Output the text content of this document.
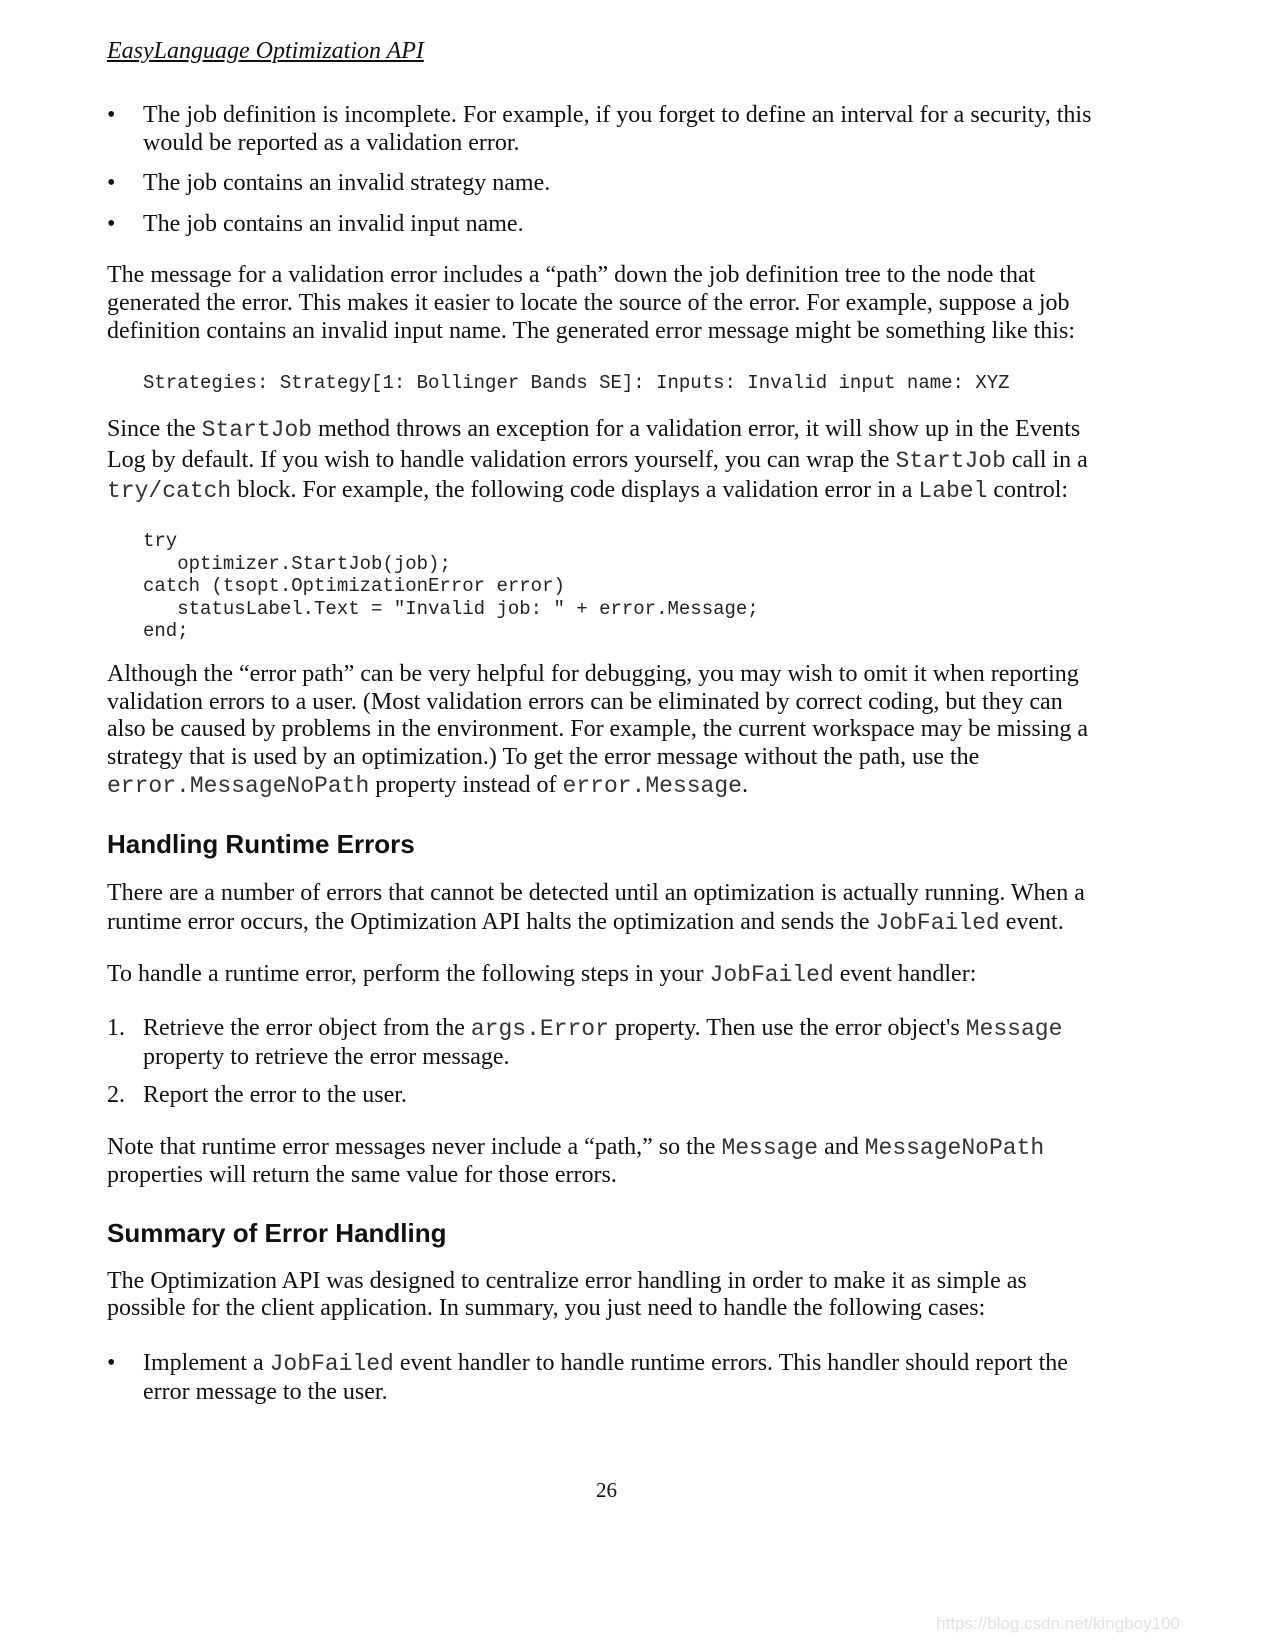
EasyLanguage Optimization API
•	The job definition is incomplete. For example, if you forget to define an interval for a security, this would be reported as a validation error.
•	The job contains an invalid strategy name.
•	The job contains an invalid input name.
The message for a validation error includes a “path” down the job definition tree to the node that generated the error. This makes it easier to locate the source of the error. For example, suppose a job definition contains an invalid input name. The generated error message might be something like this:
Strategies: Strategy[1: Bollinger Bands SE]: Inputs: Invalid input name: XYZ
Since the StartJob method throws an exception for a validation error, it will show up in the Events Log by default. If you wish to handle validation errors yourself, you can wrap the StartJob call in a try/catch block. For example, the following code displays a validation error in a Label control:
try
optimizer.StartJob(job);
catch (tsopt.OptimizationError error)
statusLabel.Text = "Invalid job: " + error.Message;
end;
Although the “error path” can be very helpful for debugging, you may wish to omit it when reporting validation errors to a user. (Most validation errors can be eliminated by correct coding, but they can also be caused by problems in the environment. For example, the current workspace may be missing a strategy that is used by an optimization.) To get the error message without the path, use the error.MessageNoPath property instead of error.Message.
Handling Runtime Errors
There are a number of errors that cannot be detected until an optimization is actually running. When a runtime error occurs, the Optimization API halts the optimization and sends the JobFailed event.
To handle a runtime error, perform the following steps in your JobFailed event handler:
1. Retrieve the error object from the args.Error property. Then use the error object's Message property to retrieve the error message.
2. Report the error to the user.
Note that runtime error messages never include a “path,” so the Message and MessageNoPath properties will return the same value for those errors.
Summary of Error Handling
The Optimization API was designed to centralize error handling in order to make it as simple as possible for the client application. In summary, you just need to handle the following cases:
•	Implement a JobFailed event handler to handle runtime errors. This handler should report the error message to the user.
26
https://blog.csdn.net/kingboy100
